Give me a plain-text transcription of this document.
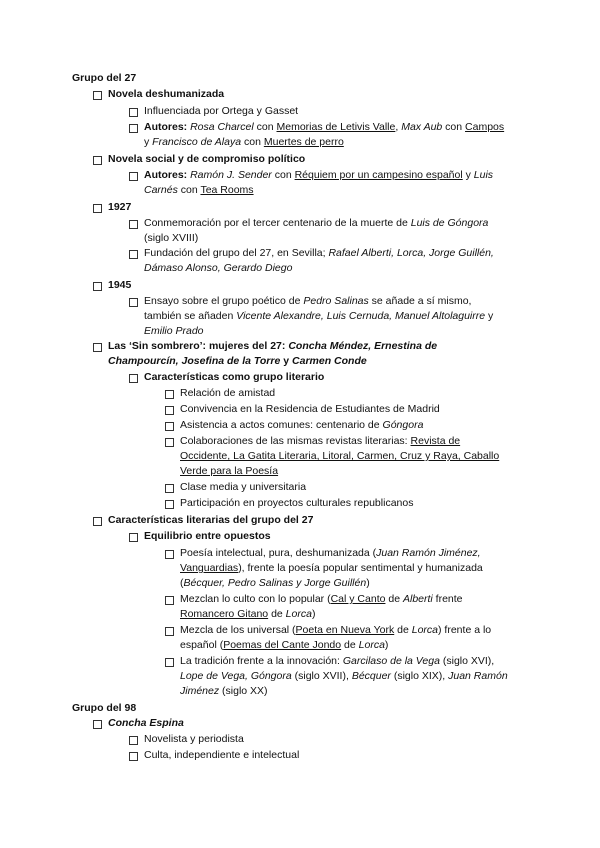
Grupo del 27
Novela deshumanizada
Influenciada por Ortega y Gasset
Autores: Rosa Charcel con Memorias de Letivis Valle, Max Aub con Campos
y Francisco de Alaya con Muertes de perro
Novela social y de compromiso político
Autores: Ramón J. Sender con Réquiem por un campesino español y Luis
Carnés con Tea Rooms
1927
Conmemoración por el tercer centenario de la muerte de Luis de Góngora
(siglo XVIII)
Fundación del grupo del 27, en Sevilla; Rafael Alberti, Lorca, Jorge Guillén,
Dámaso Alonso, Gerardo Diego
1945
Ensayo sobre el grupo poético de Pedro Salinas se añade a sí mismo,
también se añaden Vicente Alexandre, Luis Cernuda, Manuel Altolaguirre y
Emilio Prado
Las ‘Sin sombrero’: mujeres del 27: Concha Méndez, Ernestina de
Champourcín, Josefina de la Torre y Carmen Conde
Características como grupo literario
Relación de amistad
Convivencia en la Residencia de Estudiantes de Madrid
Asistencia a actos comunes: centenario de Góngora
Colaboraciones de las mismas revistas literarias: Revista de
Occidente, La Gatita Literaria, Litoral, Carmen, Cruz y Raya, Caballo
Verde para la Poesía
Clase media y universitaria
Participación en proyectos culturales republicanos
Características literarias del grupo del 27
Equilibrio entre opuestos
Poesía intelectual, pura, deshumanizada (Juan Ramón Jiménez,
Vanguardias), frente la poesía popular sentimental y humanizada
(Bécquer, Pedro Salinas y Jorge Guillén)
Mezclan lo culto con lo popular (Cal y Canto de Alberti frente
Romancero Gitano de Lorca)
Mezcla de los universal (Poeta en Nueva York de Lorca) frente a lo
español (Poemas del Cante Jondo de Lorca)
La tradición frente a la innovación: Garcilaso de la Vega (siglo XVI),
Lope de Vega, Góngora (siglo XVII), Bécquer (siglo XIX), Juan Ramón
Jiménez (siglo XX)
Grupo del 98
Concha Espina
Novelista y periodista
Culta, independiente e intelectual
